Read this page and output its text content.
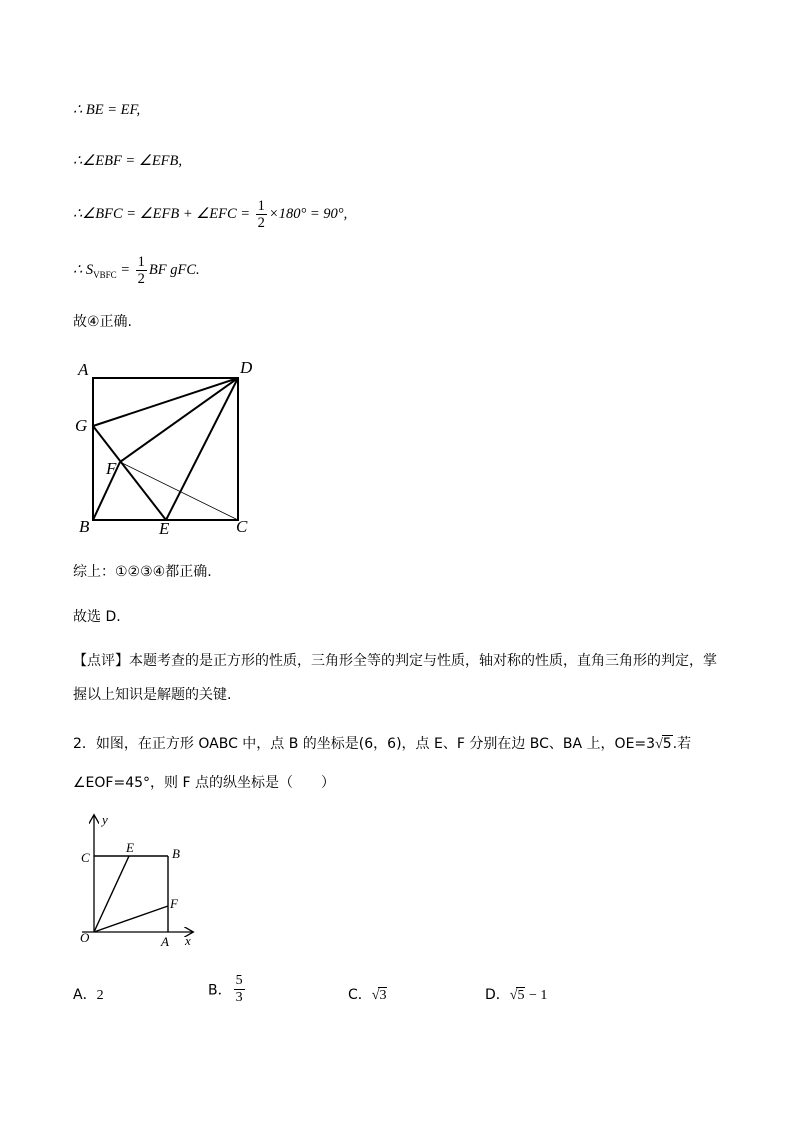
∴ BE = EF,
∴∠EBF = ∠EFB,
∴∠BFC = ∠EFB + ∠EFC = $\frac{1}{2} \times 180^\circ = 90^\circ$,
∴ $S_{VBFC} = \frac{1}{2}$ BF gFC.
故④正确.
A	D
G
F
B	E	C
综上：①②③④都正确.
故选 D.
【点评】本题考查的是正方形的性质，三角形全等的判定与性质，轴对称的性质，直角三角形的判定，掌
握以上知识是解题的关键.
2．如图，在正方形 OABC 中，点 B 的坐标是(6，6)，点 E、F 分别在边 BC、BA 上，OE=3√5.若
∠EOF=45°，则 F 点的纵坐标是（　　）
y
x
O	A
B
C
E
F
A．2	B． $\frac{5}{3}$	C．√3	D．√5 − 1
